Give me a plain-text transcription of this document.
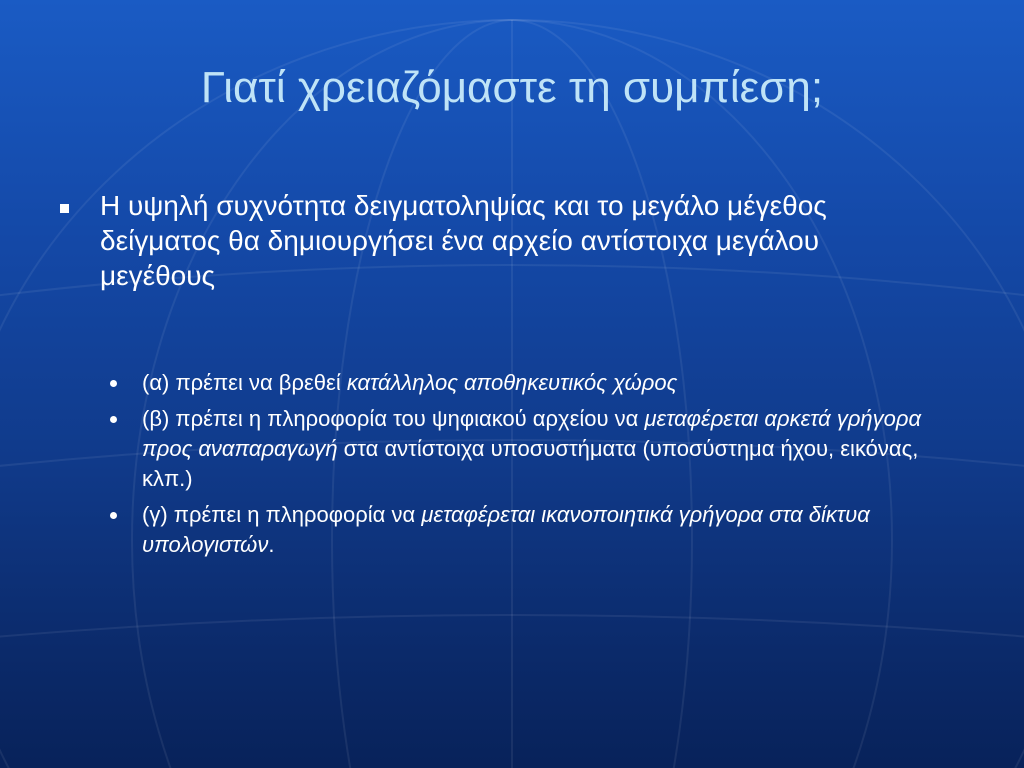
Γιατί χρειαζόμαστε τη συμπίεση;
Η υψηλή συχνότητα δειγματοληψίας και το μεγάλο μέγεθος δείγματος θα δημιουργήσει ένα αρχείο αντίστοιχα μεγάλου μεγέθους
(α) πρέπει να βρεθεί κατάλληλος αποθηκευτικός χώρος
(β) πρέπει η πληροφορία του ψηφιακού αρχείου να μεταφέρεται αρκετά γρήγορα προς αναπαραγωγή στα αντίστοιχα υποσυστήματα (υποσύστημα ήχου, εικόνας, κλπ.)
(γ) πρέπει η πληροφορία να μεταφέρεται ικανοποιητικά γρήγορα στα δίκτυα υπολογιστών.
